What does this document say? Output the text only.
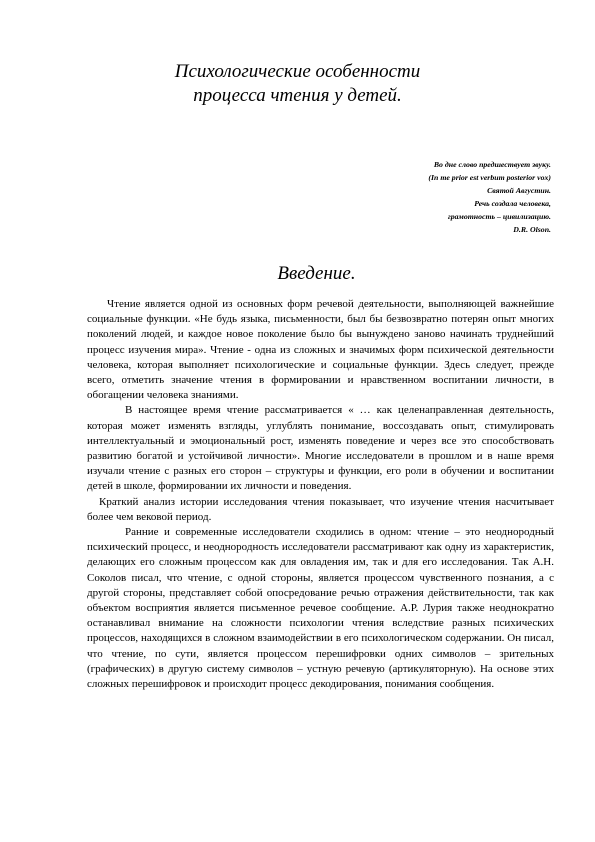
Психологические особенности
процесса чтения у детей.
Во дне слово предшествует звуку.
(In me prior est verbum posterior vox)
Святой Августин.
Речь создала человека,
грамотность – цивилизацию.
D.R. Olson.
Введение.

Чтение является одной из основных форм речевой деятельности, выполняющей важнейшие социальные функции. «Не будь языка, письменности, был бы безвозвратно потерян опыт многих поколений людей, и каждое новое поколение было бы вынуждено заново начинать труднейший процесс изучения мира». Чтение - одна из сложных и значимых форм психической деятельности человека, которая выполняет психологические и социальные функции. Здесь следует, прежде всего, отметить значение чтения в формировании и нравственном воспитании личности, в обогащении человека знаниями.

В настоящее время чтение рассматривается « … как целенаправленная деятельность, которая может изменять взгляды, углублять понимание, воссоздавать опыт, стимулировать интеллектуальный и эмоциональный рост, изменять поведение и через все это способствовать развитию богатой и устойчивой личности». Многие исследователи в прошлом и в наше время изучали чтение с разных его сторон – структуры и функции, его роли в обучении и воспитании детей в школе, формировании их личности и поведения.

Краткий анализ истории исследования чтения показывает, что изучение чтения насчитывает более чем вековой период.

Ранние и современные исследователи сходились в одном: чтение – это неоднородный психический процесс, и неоднородность исследователи рассматривают как одну из характеристик, делающих его сложным процессом как для овладения им, так и для его исследования. Так А.Н. Соколов писал, что чтение, с одной стороны, является процессом чувственного познания, а с другой стороны, представляет собой опосредование речью отражения действительности, так как объектом восприятия является письменное речевое сообщение. А.Р. Лурия также неоднократно останавливал внимание на сложности психологии чтения вследствие разных психических процессов, находящихся в сложном взаимодействии в его психологическом содержании. Он писал, что чтение, по сути, является процессом перешифровки одних символов – зрительных (графических) в другую систему символов – устную речевую (артикуляторную). На основе этих сложных перешифровок и происходит процесс декодирования, понимания сообщения.
